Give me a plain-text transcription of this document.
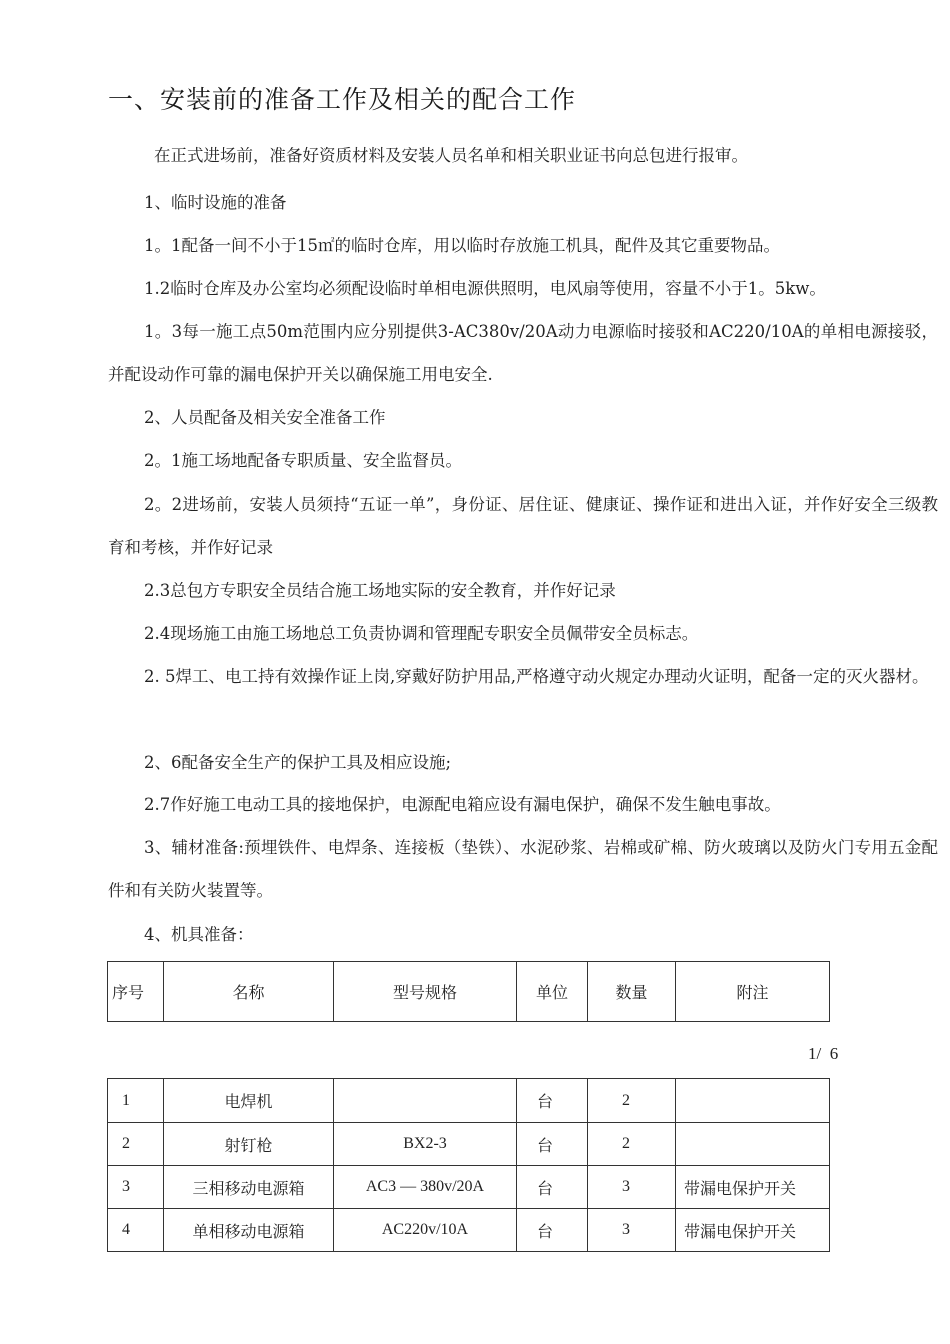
一、安装前的准备工作及相关的配合工作
在正式进场前，准备好资质材料及安装人员名单和相关职业证书向总包进行报审。
1、临时设施的准备
1。1配备一间不小于15㎡的临时仓库，用以临时存放施工机具，配件及其它重要物品。
1.2临时仓库及办公室均必须配设临时单相电源供照明，电风扇等使用，容量不小于1。5kw。
1。3每一施工点50m范围内应分别提供3-AC380v/20A动力电源临时接驳和AC220/10A的单相电源接驳，并配设动作可靠的漏电保护开关以确保施工用电安全.
2、人员配备及相关安全准备工作
2。1施工场地配备专职质量、安全监督员。
2。2进场前，安装人员须持“五证一单”，身份证、居住证、健康证、操作证和进出入证，并作好安全三级教育和考核，并作好记录
2.3总包方专职安全员结合施工场地实际的安全教育，并作好记录
2.4现场施工由施工场地总工负责协调和管理配专职安全员佩带安全员标志。
2. 5焊工、电工持有效操作证上岗,穿戴好防护用品,严格遵守动火规定办理动火证明，配备一定的灭火器材。
2、6配备安全生产的保护工具及相应设施;
2.7作好施工电动工具的接地保护，电源配电箱应设有漏电保护，确保不发生触电事故。
3、辅材准备:预埋铁件、电焊条、连接板（垫铁）、水泥砂浆、岩棉或矿棉、防火玻璃以及防火门专用五金配件和有关防火装置等。
4、机具准备：
序号	名称	型号规格	单位	数量	附注
1/  6
1	电焊机		台	2	
2	射钉枪	BX2-3	台	2	
3	三相移动电源箱	AC3 — 380v/20A	台	3	带漏电保护开关
4	单相移动电源箱	AC220v/10A	台	3	带漏电保护开关
